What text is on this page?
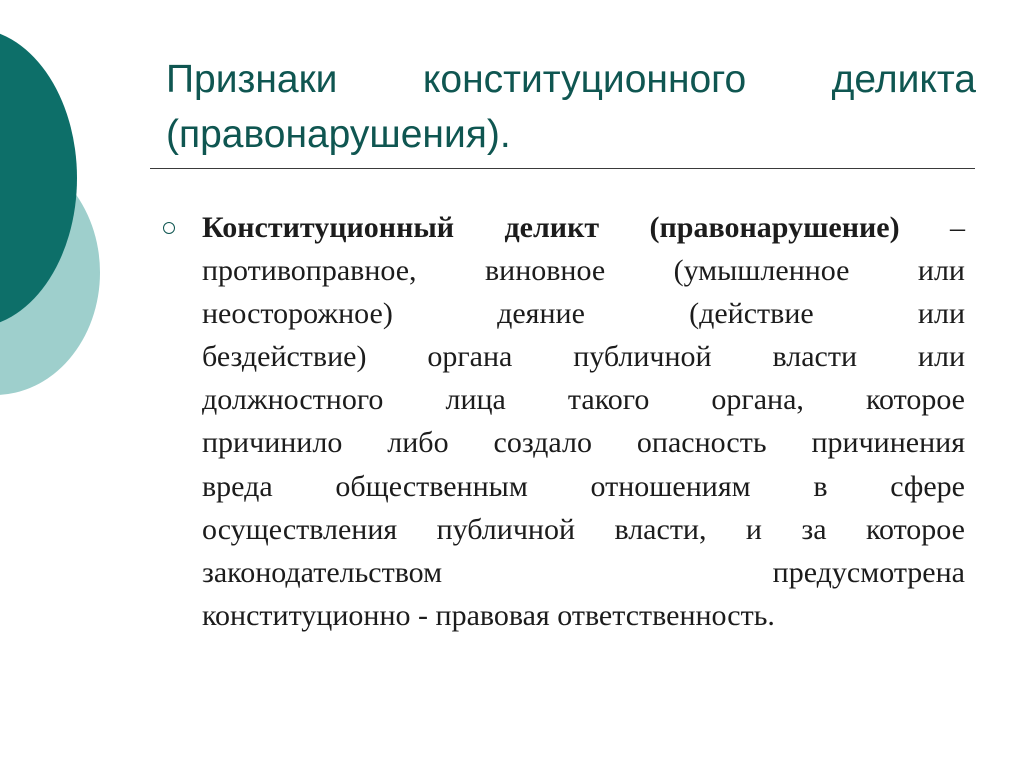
Признаки конституционного деликта
(правонарушения).
Конституционный деликт (правонарушение) –
противоправное, виновное (умышленное или
неосторожное) деяние (действие или
бездействие) органа публичной власти или
должностного лица такого органа, которое
причинило либо создало опасность причинения
вреда общественным отношениям в сфере
осуществления публичной власти, и за которое
законодательством предусмотрена
конституционно - правовая ответственность.
